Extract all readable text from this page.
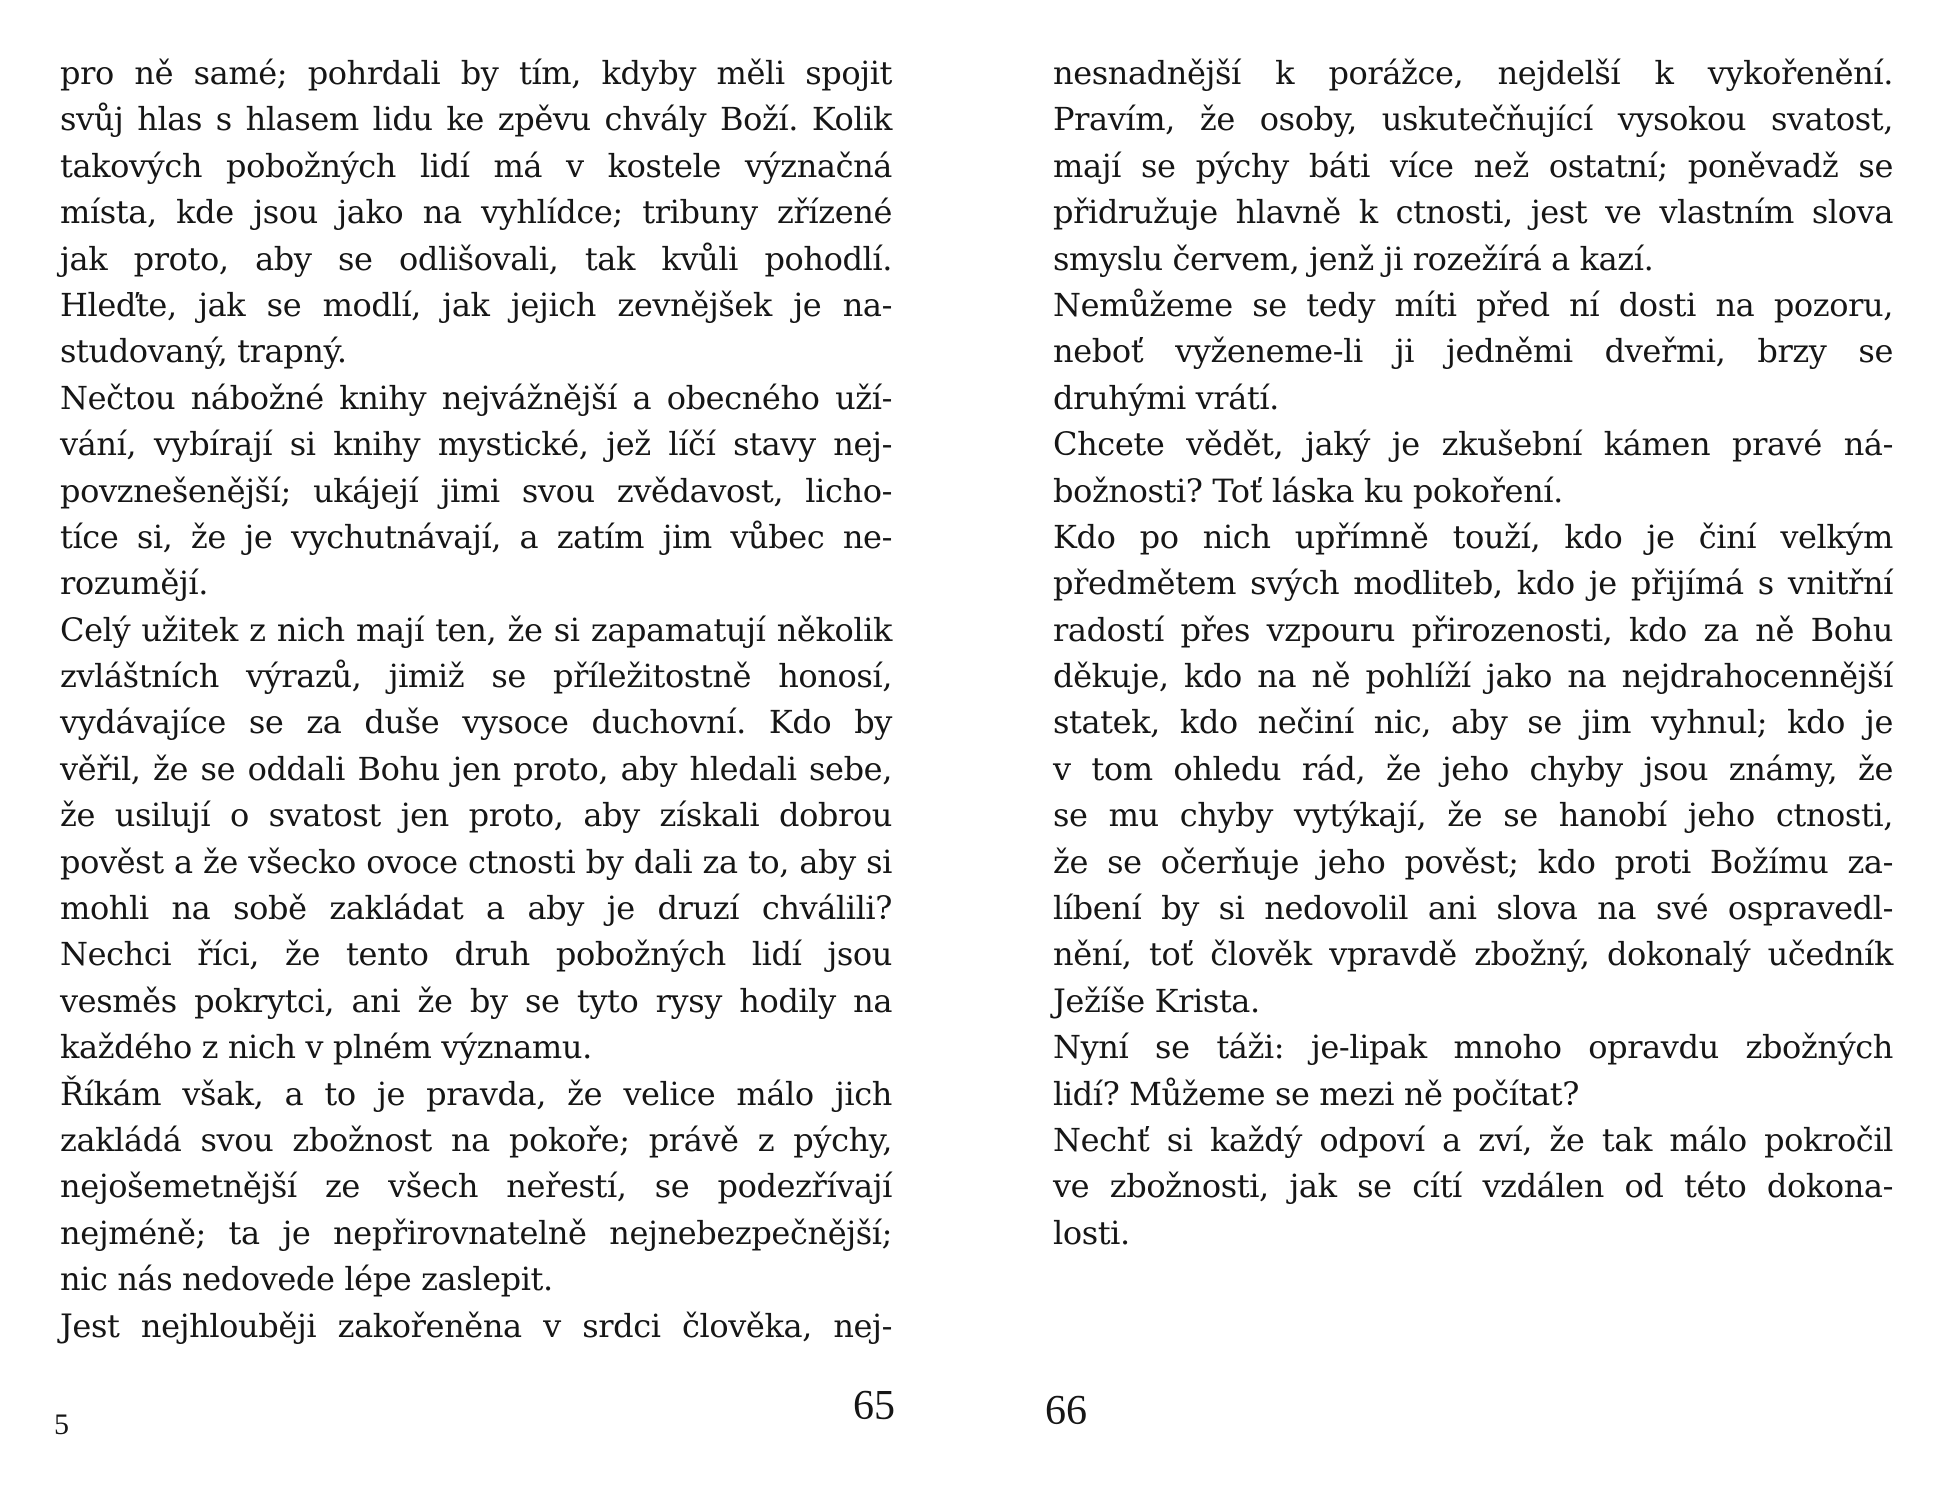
pro ně samé; pohrdali by tím, kdyby měli spojit
svůj hlas s hlasem lidu ke zpěvu chvály Boží. Kolik
takových pobožných lidí má v kostele význačná
místa, kde jsou jako na vyhlídce; tribuny zřízené
jak proto, aby se odlišovali, tak kvůli pohodlí.
Hleďte, jak se modlí, jak jejich zevnějšek je na-
studovaný, trapný.
Nečtou nábožné knihy nejvážnější a obecného uží-
vání, vybírají si knihy mystické, jež líčí stavy nej-
povznešenější; ukájejí jimi svou zvědavost, licho-
tíce si, že je vychutnávají, a zatím jim vůbec ne-
rozumějí.
Celý užitek z nich mají ten, že si zapamatují několik
zvláštních výrazů, jimiž se příležitostně honosí,
vydávajíce se za duše vysoce duchovní. Kdo by
věřil, že se oddali Bohu jen proto, aby hledali sebe,
že usilují o svatost jen proto, aby získali dobrou
pověst a že všecko ovoce ctnosti by dali za to, aby si
mohli na sobě zakládat a aby je druzí chválili?
Nechci říci, že tento druh pobožných lidí jsou
vesměs pokrytci, ani že by se tyto rysy hodily na
každého z nich v plném významu.
Říkám však, a to je pravda, že velice málo jich
zakládá svou zbožnost na pokoře; právě z pýchy,
nejošemetnější ze všech neřestí, se podezřívají
nejméně; ta je nepřirovnatelně nejnebezpečnější;
nic nás nedovede lépe zaslepit.
Jest nejhlouběji zakořeněna v srdci člověka, nej-
nesnadnější k porážce, nejdelší k vykořenění.
Pravím, že osoby, uskutečňující vysokou svatost,
mají se pýchy báti více než ostatní; poněvadž se
přidružuje hlavně k ctnosti, jest ve vlastním slova
smyslu červem, jenž ji rozežírá a kazí.
Nemůžeme se tedy míti před ní dosti na pozoru,
neboť vyženeme-li ji jedněmi dveřmi, brzy se
druhými vrátí.
Chcete vědět, jaký je zkušební kámen pravé ná-
božnosti? Toť láska ku pokoření.
Kdo po nich upřímně touží, kdo je činí velkým
předmětem svých modliteb, kdo je přijímá s vnitřní
radostí přes vzpouru přirozenosti, kdo za ně Bohu
děkuje, kdo na ně pohlíží jako na nejdrahocennější
statek, kdo nečiní nic, aby se jim vyhnul; kdo je
v tom ohledu rád, že jeho chyby jsou známy, že
se mu chyby vytýkají, že se hanobí jeho ctnosti,
že se očerňuje jeho pověst; kdo proti Božímu za-
líbení by si nedovolil ani slova na své ospravedl-
nění, toť člověk vpravdě zbožný, dokonalý učedník
Ježíše Krista.
Nyní se táži: je-lipak mnoho opravdu zbožných
lidí? Můžeme se mezi ně počítat?
Nechť si každý odpoví a zví, že tak málo pokročil
ve zbožnosti, jak se cítí vzdálen od této dokona-
losti.
65
5	66
